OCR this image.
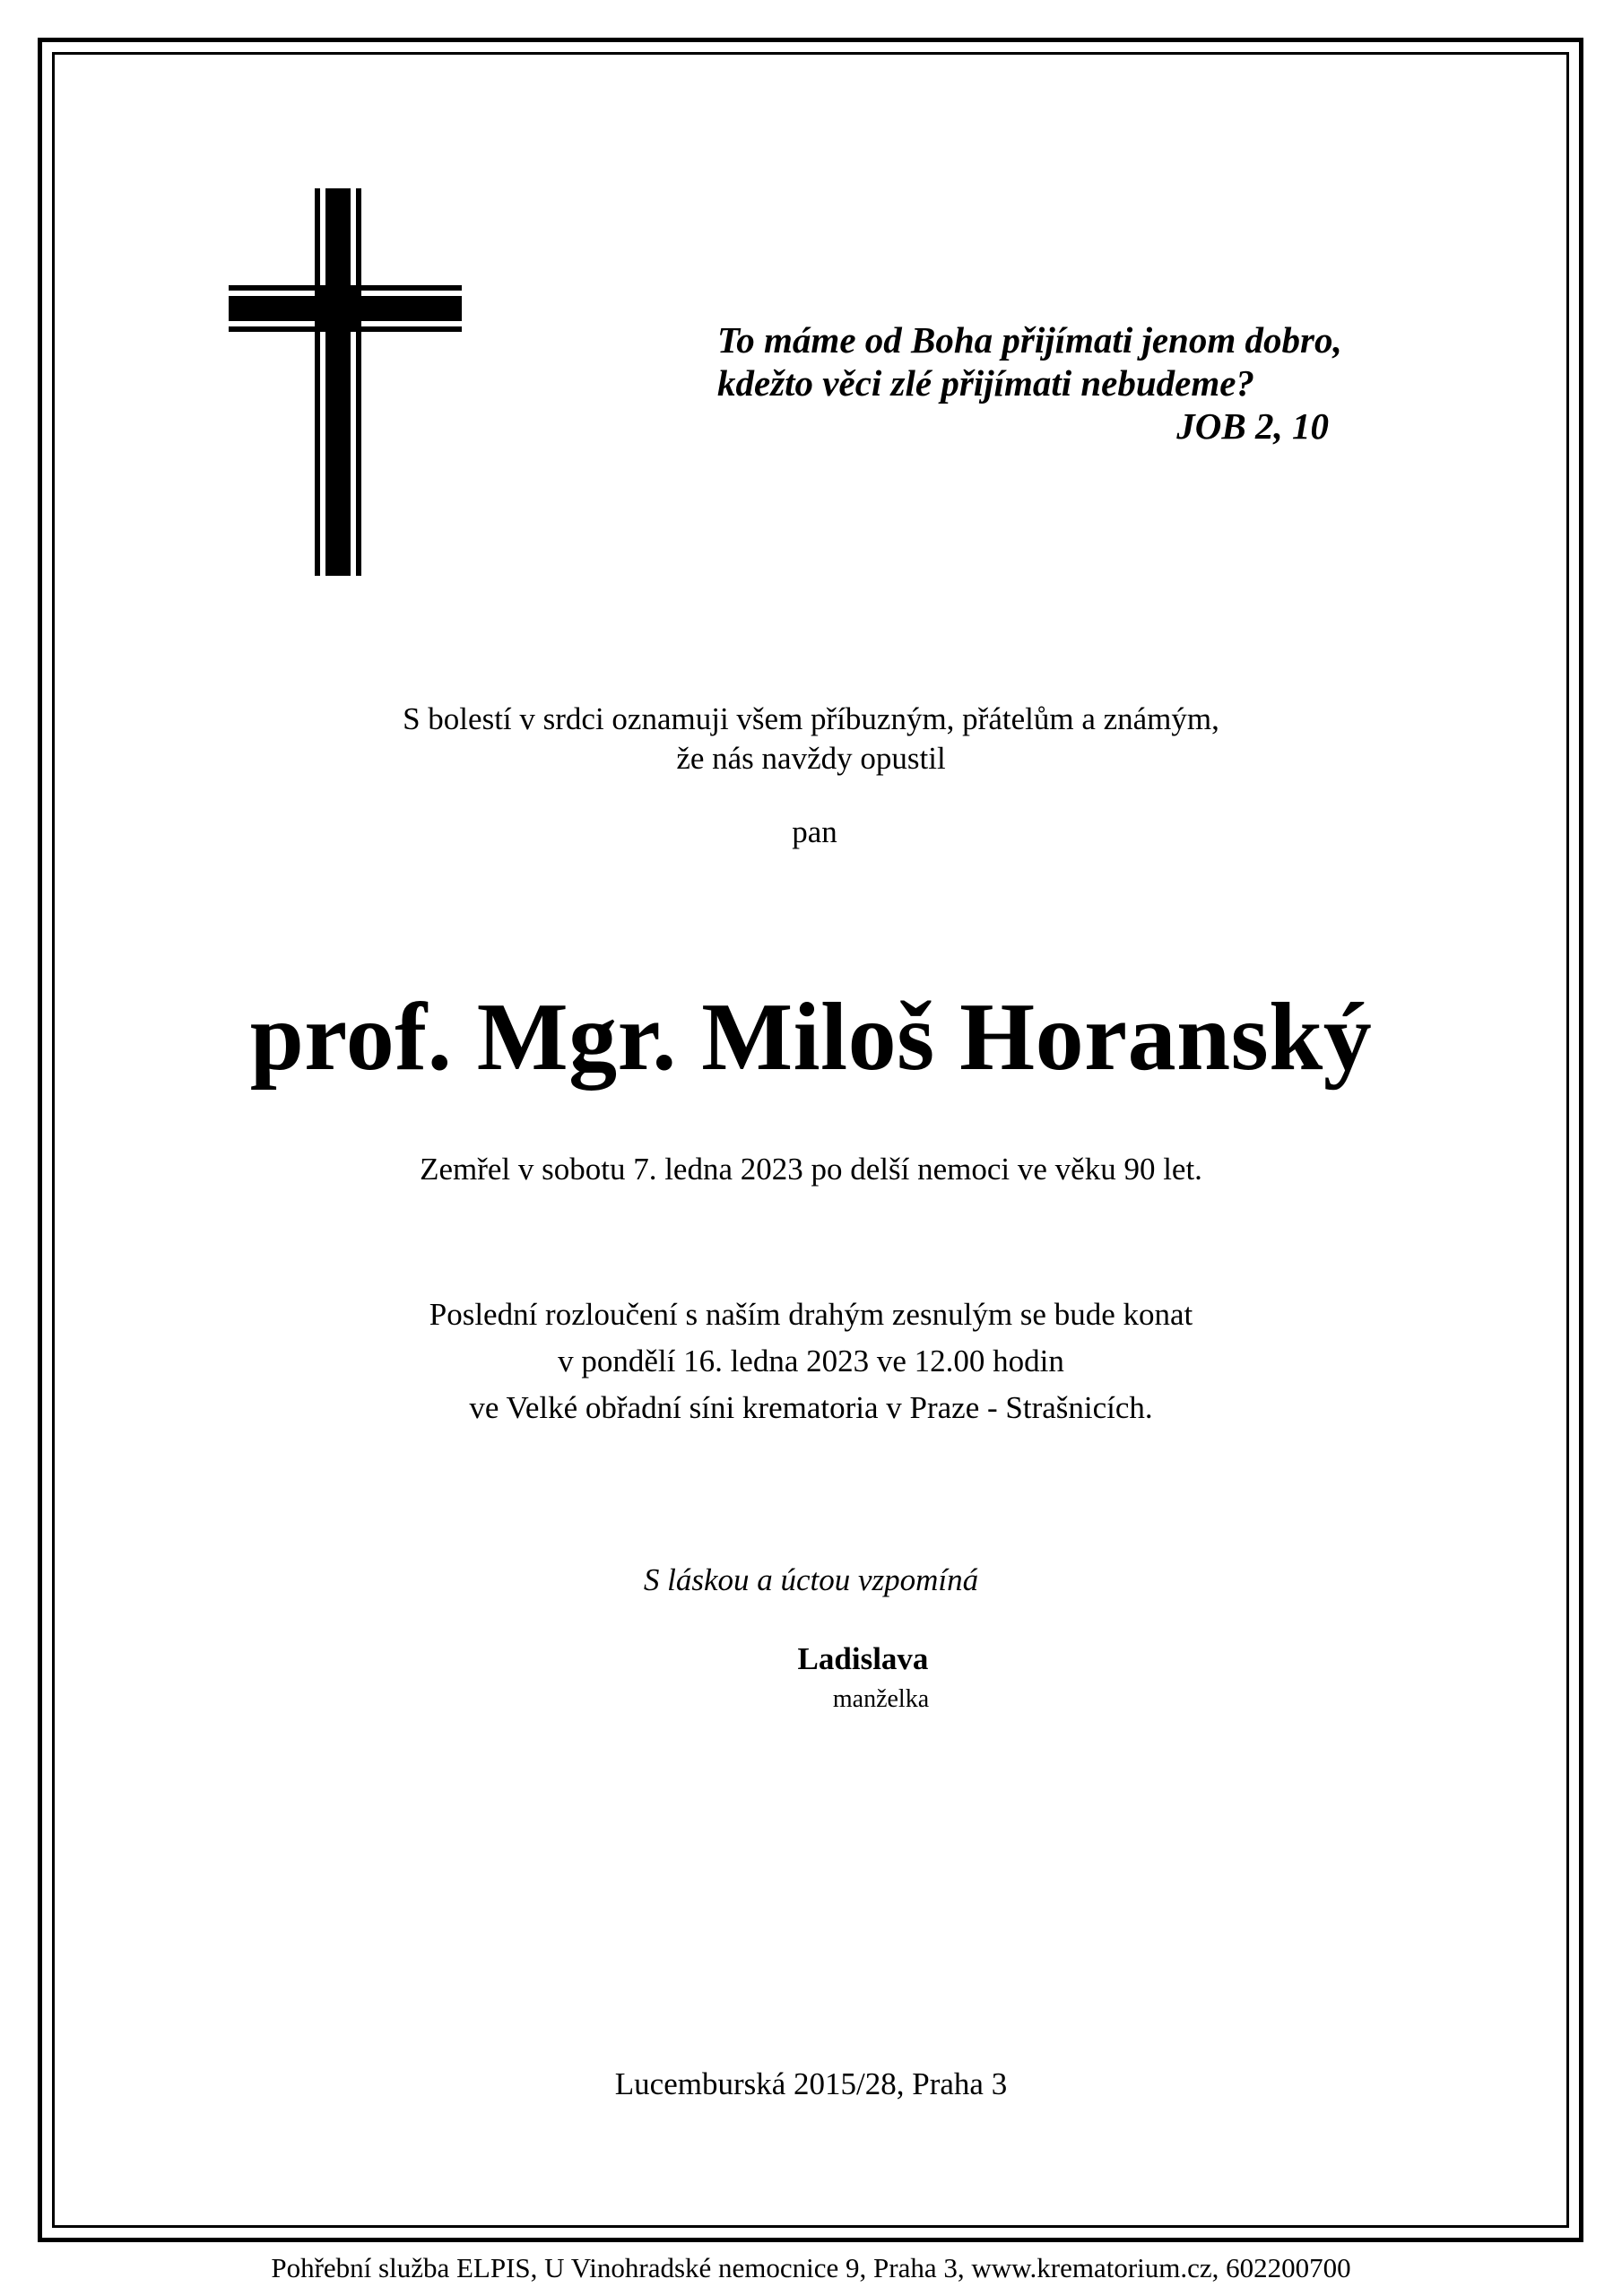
To máme od Boha přijímati jenom dobro,
kdežto věci zlé přijímati nebudeme?
JOB 2, 10
S bolestí v srdci oznamuji všem příbuzným, přátelům a známým,
že nás navždy opustil
pan
prof. Mgr. Miloš Horanský
Zemřel v sobotu 7. ledna 2023 po delší nemoci ve věku 90 let.
Poslední rozloučení s naším drahým zesnulým se bude konat
v pondělí 16. ledna 2023 ve 12.00 hodin
ve Velké obřadní síni krematoria v Praze - Strašnicích.
S láskou a úctou vzpomíná
Ladislava
manželka
Lucemburská 2015/28, Praha 3
Pohřební služba ELPIS, U Vinohradské nemocnice 9, Praha 3, www.krematorium.cz, 602200700
